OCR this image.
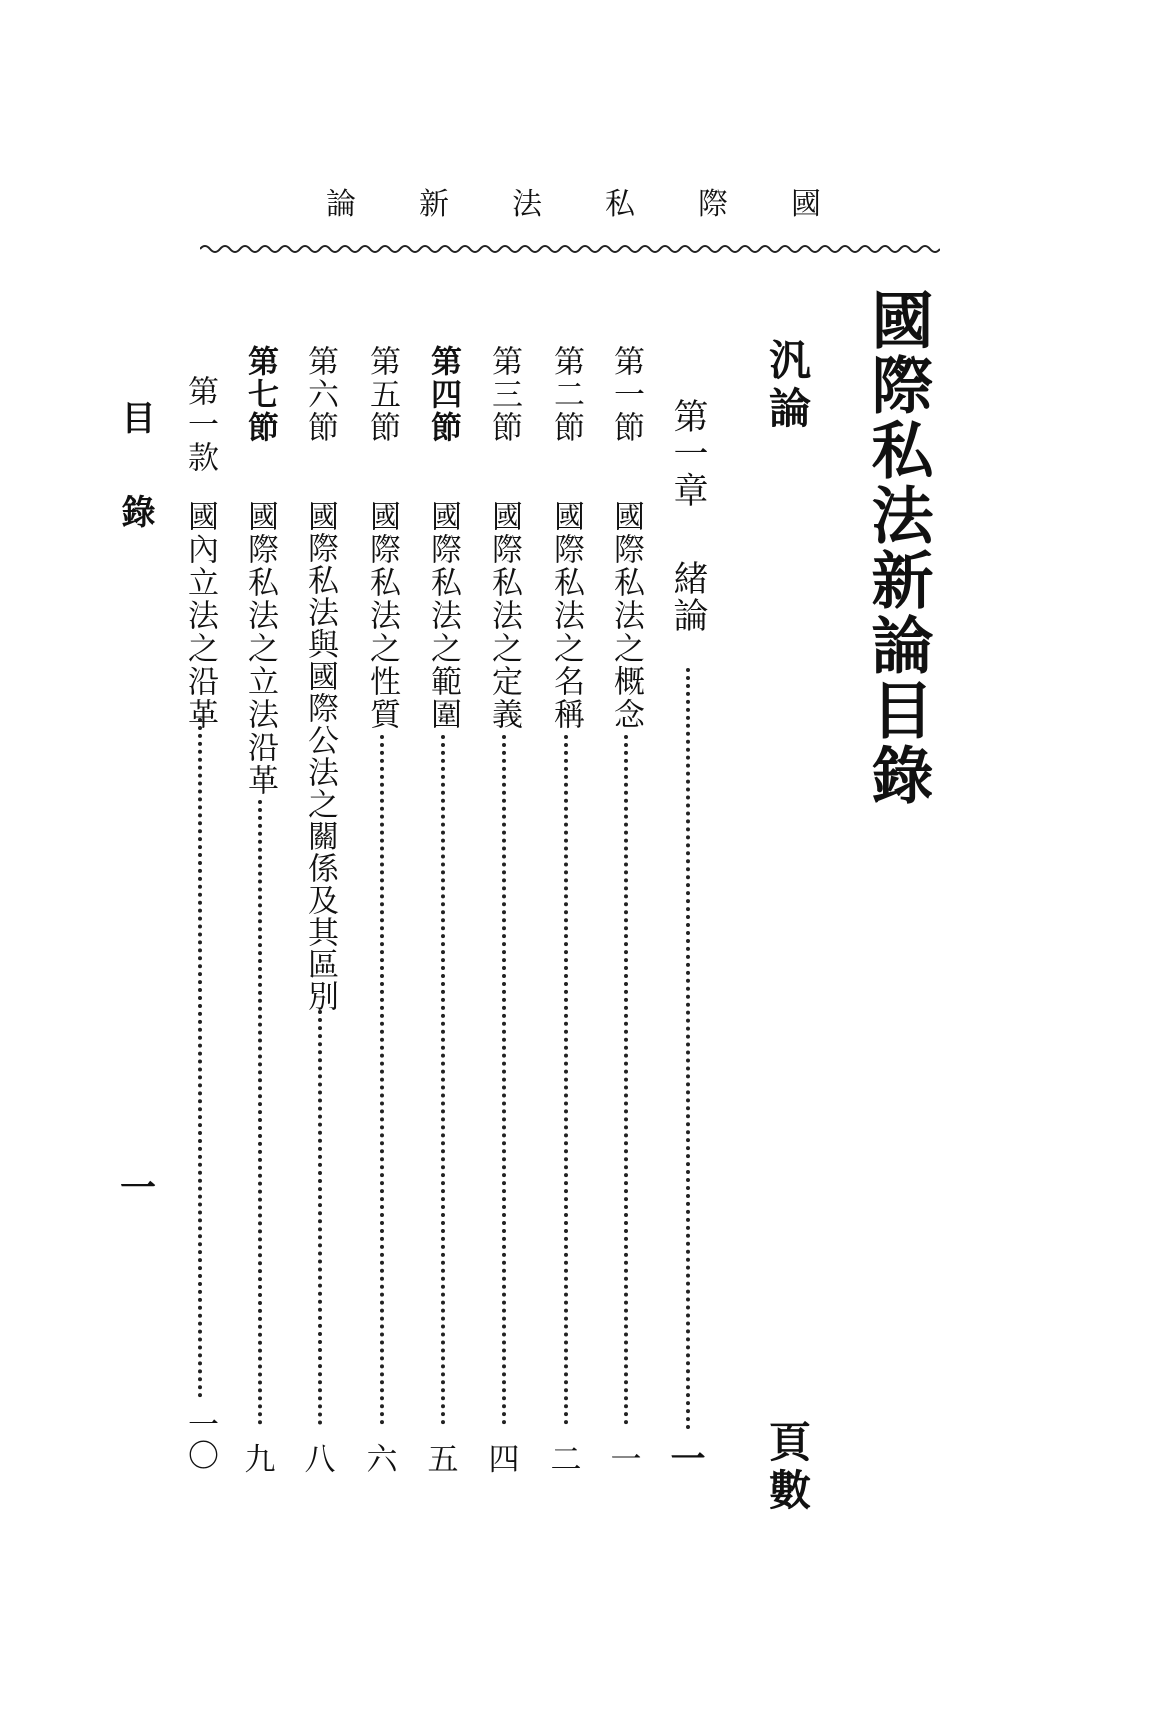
國
際
私
法
新
論
國際私法新論目錄
汎論
頁數
第一章
緒論
一
第一節
國際私法之概念
一
第二節
國際私法之名稱
二
第三節
國際私法之定義
四
第四節
國際私法之範圍
五
第五節
國際私法之性質
六
第六節
國際私法與國際公法之關係及其區別
八
第七節
國際私法之立法沿革
九
第一款
國內立法之沿革
一〇
目錄
一
